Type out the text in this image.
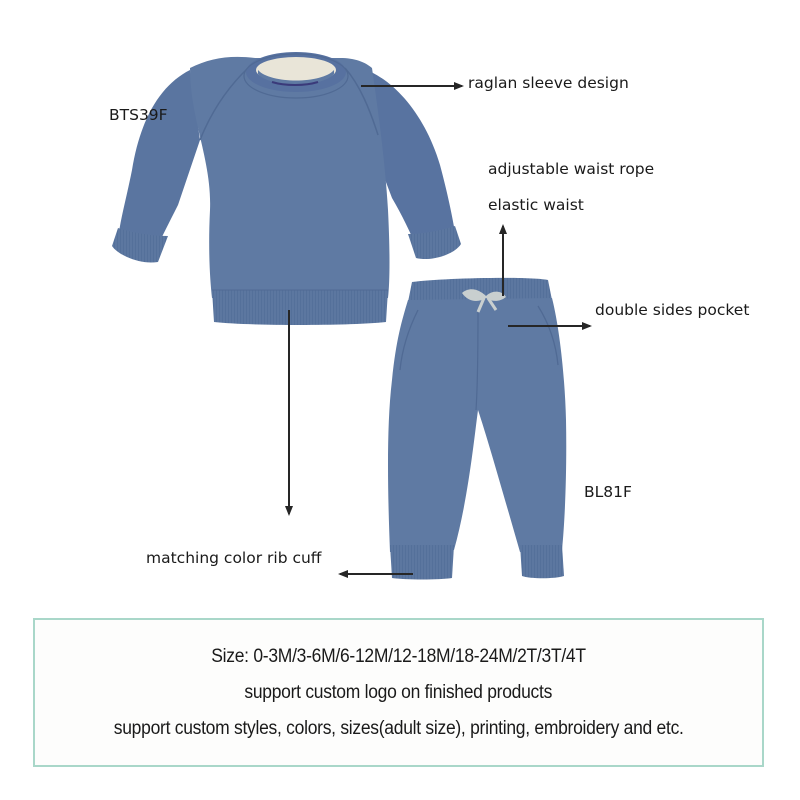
BTS39F
BL81F
raglan sleeve design
adjustable waist rope
elastic waist
double sides pocket
matching color rib cuff
Size: 0-3M/3-6M/6-12M/12-18M/18-24M/2T/3T/4T
support custom logo on finished products
support custom styles, colors, sizes(adult size), printing, embroidery and etc.
